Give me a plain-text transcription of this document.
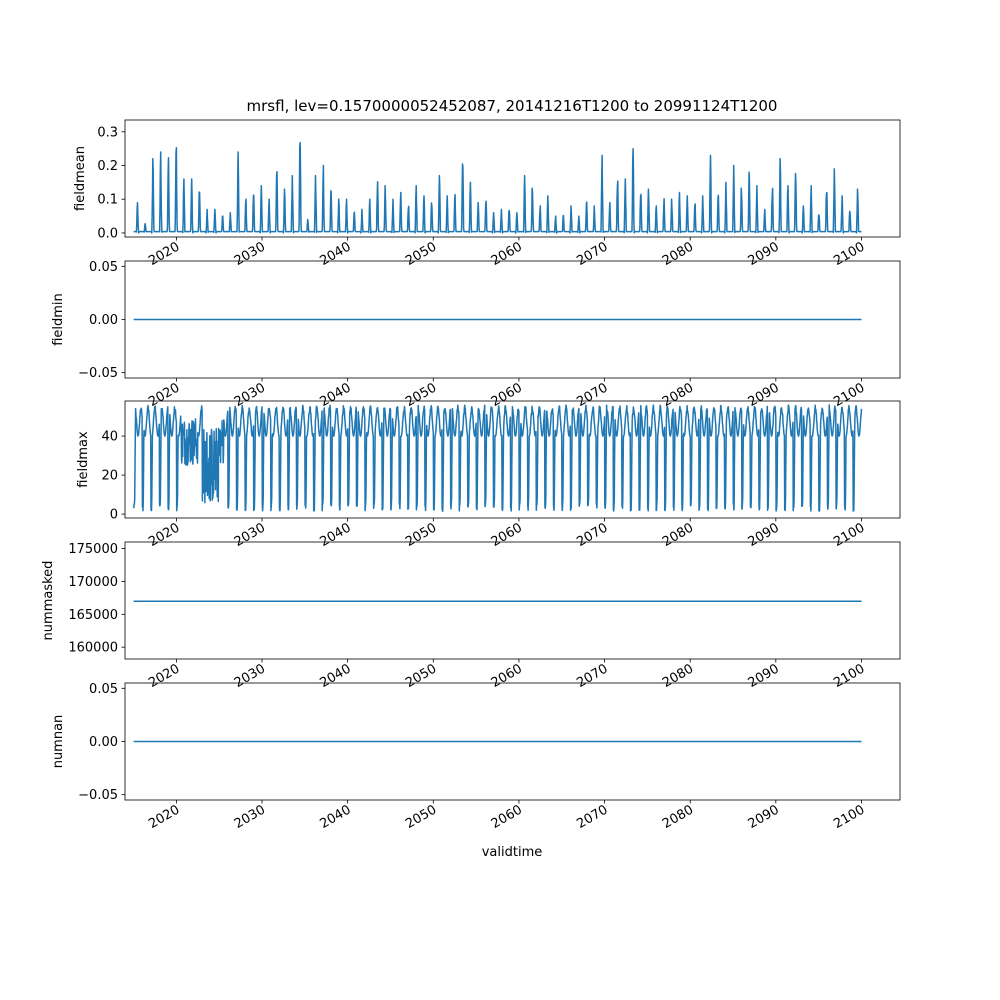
mrsfl, lev=0.1570000052452087, 20141216T1200 to 20991124T1200
validtime
0.0
0.1
0.2
0.3
2020	2030	2040	2050	2060	2070	2080	2090	2100
fieldmean
−0.05
0.00
0.05
2020	2030	2040	2050	2060	2070	2080	2090	2100
fieldmin
0
20
40
2020	2030	2040	2050	2060	2070	2080	2090	2100
fieldmax
160000
165000
170000
175000
2020	2030	2040	2050	2060	2070	2080	2090	2100
nummasked
−0.05
0.00
0.05
2020	2030	2040	2050	2060	2070	2080	2090	2100
numnan
